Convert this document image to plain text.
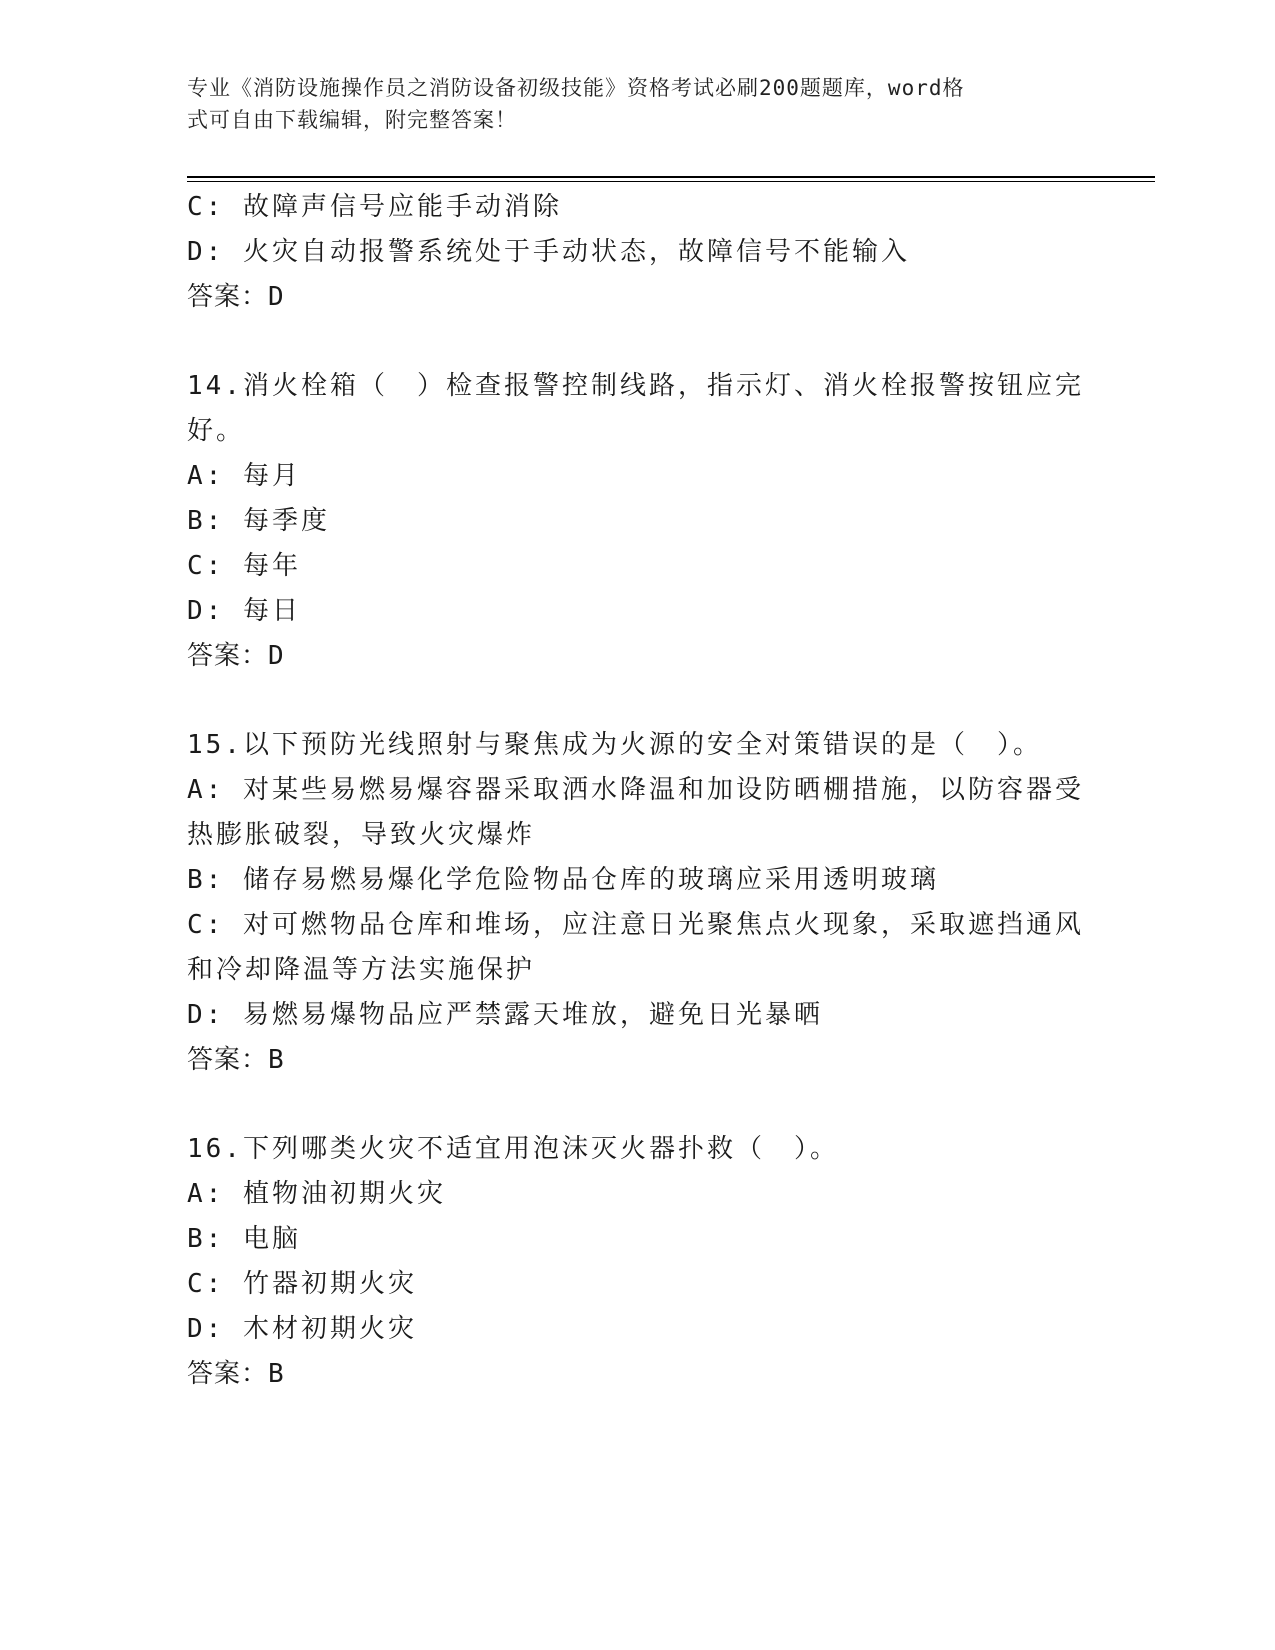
专业《消防设施操作员之消防设备初级技能》资格考试必刷200题题库，word格
式可自由下载编辑，附完整答案！
C: 故障声信号应能手动消除
D: 火灾自动报警系统处于手动状态，故障信号不能输入
答案：D
14.消火栓箱（　）检查报警控制线路，指示灯、消火栓报警按钮应完
好。
A: 每月
B: 每季度
C: 每年
D: 每日
答案：D
15.以下预防光线照射与聚焦成为火源的安全对策错误的是（　）。
A: 对某些易燃易爆容器采取洒水降温和加设防晒棚措施，以防容器受
热膨胀破裂，导致火灾爆炸
B: 储存易燃易爆化学危险物品仓库的玻璃应采用透明玻璃
C: 对可燃物品仓库和堆场，应注意日光聚焦点火现象，采取遮挡通风
和冷却降温等方法实施保护
D: 易燃易爆物品应严禁露天堆放，避免日光暴晒
答案：B
16.下列哪类火灾不适宜用泡沫灭火器扑救（　）。
A: 植物油初期火灾
B: 电脑
C: 竹器初期火灾
D: 木材初期火灾
答案：B
